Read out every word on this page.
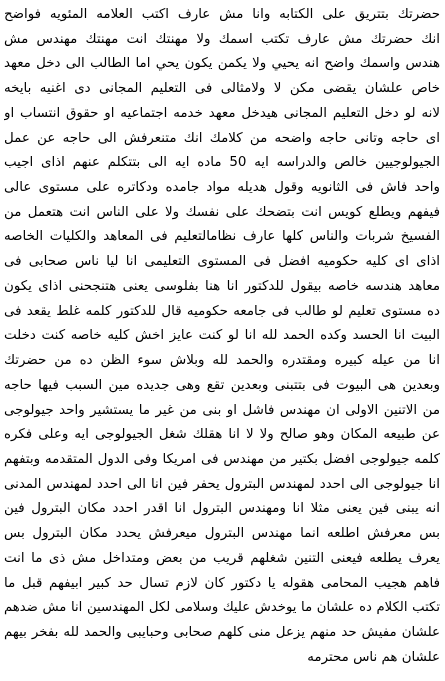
حضرتك بتتريق على الكتابه وانا مش عارف اكتب العلامه المئويه فواضح
انك حضرتك مش عارف تكتب اسمك ولا مهنتك انت مهنتك مهندس مش
هندس واسمك واضح انه يحيي ولا يكمن يكون يحي اما الطالب الى دخل معهد
خاص علشان يقضى مكن لا ولامثالى فى التعليم المجانى دى اغنيه بايخه
لانه لو دخل التعليم المجانى هيدخل معهد خدمه اجتماعيه او حقوق انتساب او
اى حاجه وتانى حاجه واضحه من كلامك انك متنعرفش الى حاجه عن عمل
الجيولوجيين خالص والدراسه ايه 50 ماده ايه الى بتتكلم عنهم اذاى اجيب
واحد فاش فى الثانويه وقول هديله مواد جامده ودكاتره على مستوى عالى
فيفهم ويطلع كويس انت بتضحك على نفسك ولا على الناس انت هتعمل من
الفسيخ شربات والناس كلها عارف نظامالتعليم فى المعاهد والكليات الخاصه
اذاى اى كليه حكوميه افضل فى المستوى التعليمى انا ليا ناس صحابى فى
معاهد هندسه خاصه بيقول للدكتور انا هنا بفلوسى يعنى هتنجحنى اذاى يكون
ده مستوى تعليم لو طالب فى جامعه حكوميه قال للدكتور كلمه غلط يقعد فى
البيت انا الحسد وكده الحمد لله انا لو كنت عايز اخش كليه خاصه كنت دخلت
انا من عيله كبيره ومقتدره والحمد لله وبلاش سوء الظن ده من حضرتك
وبعدين هى البيوت فى بتتبنى وبعدين تقع وهى جديده مين السبب فيها حاجه
من الاتنين الاولى ان مهندس فاشل او بنى من غير ما يستشير واحد جيولوجى
عن طبيعه المكان وهو صالح ولا لا انا هقلك شغل الجيولوجى ايه وعلى فكره
كلمه جيولوجى افضل بكتير من مهندس فى امريكا وفى الدول المتقدمه وبتفهم
انا جيولوجى الى احدد لمهندس البترول يحفر فين انا الى احدد لمهندس المدنى
انه يبنى فين يعنى مثلا انا ومهندس البترول انا اقدر احدد مكان البترول فين
بس معرفش اطلعه انما مهندس البترول ميعرفش يحدد مكان البترول بس
يعرف يطلعه فيعنى التنين شغلهم قريب من بعض ومتداخل مش ذى ما انت
فاهم هجيب المحامى هقوله يا دكتور كان لازم تسال حد كبير ابيفهم قبل ما
تكتب الكلام ده علشان ما يوخدش عليك وسلامى لكل المهندسين انا مش ضدهم
علشان مفيش حد منهم يزعل منى كلهم صحابى وحبايبى والحمد لله بفخر بيهم
علشان هم ناس محترمه
